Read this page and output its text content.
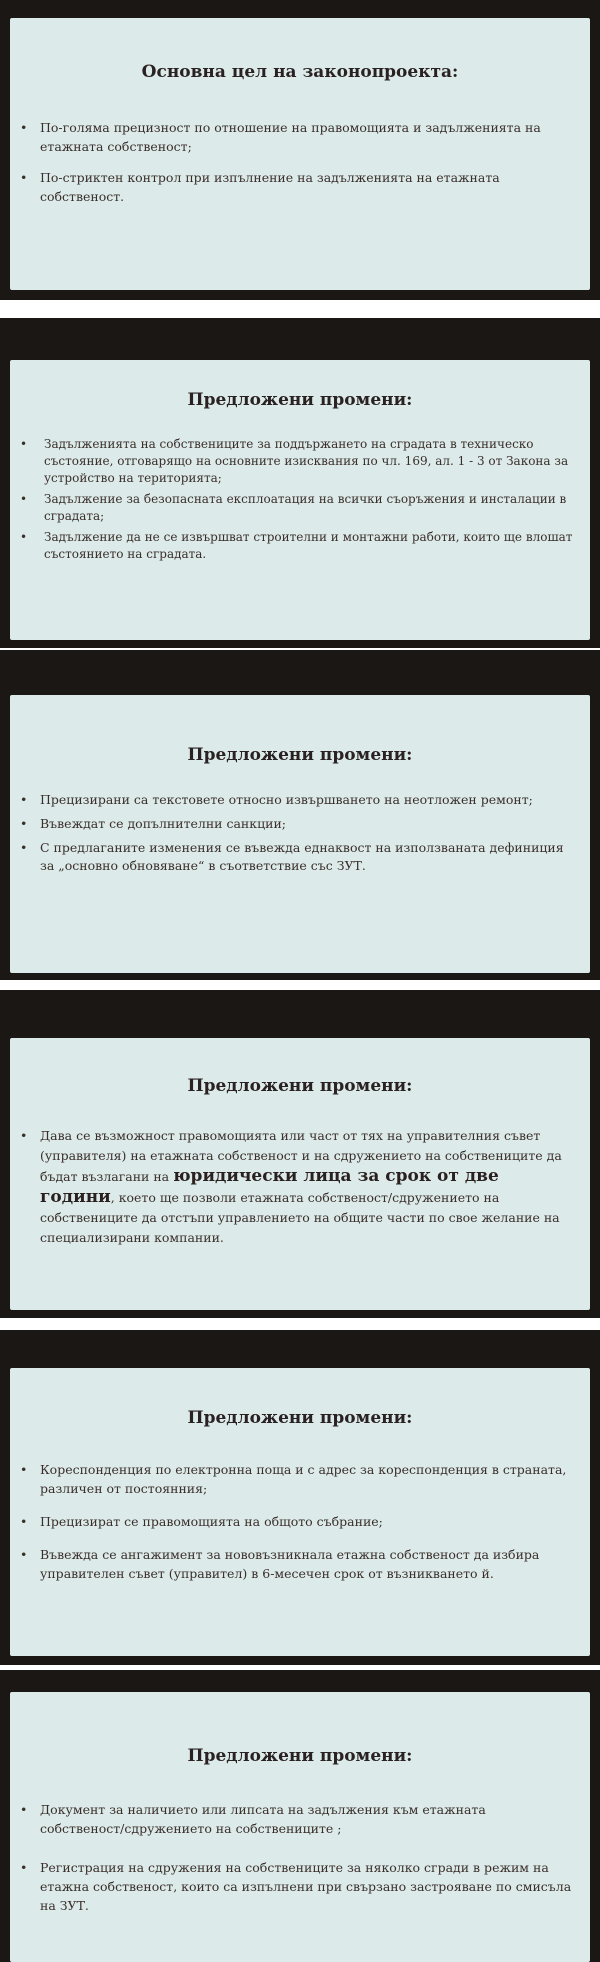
Основна цел на законопроекта:
• По-голяма прецизност по отношение на правомощията и задълженията на етажната собственост;
• По-стриктен контрол при изпълнение на задълженията на етажната собственост.
Предложени промени:
• Задълженията на собствениците за поддържането на сградата в техническо състояние, отговарящо на основните изисквания по чл. 169, ал. 1 - 3 от Закона за устройство на територията;
• Задължение за безопасната експлоатация на всички съоръжения и инсталации в сградата;
• Задължение да не се извършват строителни и монтажни работи, които ще влошат състоянието на сградата.
Предложени промени:
• Прецизирани са текстовете относно извършването на неотложен ремонт;
• Въвеждат се допълнителни санкции;
• С предлаганите изменения се въвежда еднаквост на използваната дефиниция за „основно обновяване“ в съответствие със ЗУТ.
Предложени промени:
• Дава се възможност правомощията или част от тях на управителния съвет (управителя) на етажната собственост и на сдружението на собствениците да бъдат възлагани на юридически лица за срок от две години, което ще позволи етажната собственост/сдружението на собствениците да отстъпи управлението на общите части по свое желание на специализирани компании.
Предложени промени:
• Кореспонденция по електронна поща и с адрес за кореспонденция в страната, различен от постоянния;
• Прецизират се правомощията на общото събрание;
• Въвежда се ангажимент за нововъзникнала етажна собственост да избира управителен съвет (управител) в 6-месечен срок от възникването й.
Предложени промени:
• Документ за наличието или липсата на задължения към етажната собственост/сдружението на собствениците ;
• Регистрация на сдружения на собствениците за няколко сгради в режим на етажна собственост, които са изпълнени при свързано застрояване по смисъла на ЗУТ.
